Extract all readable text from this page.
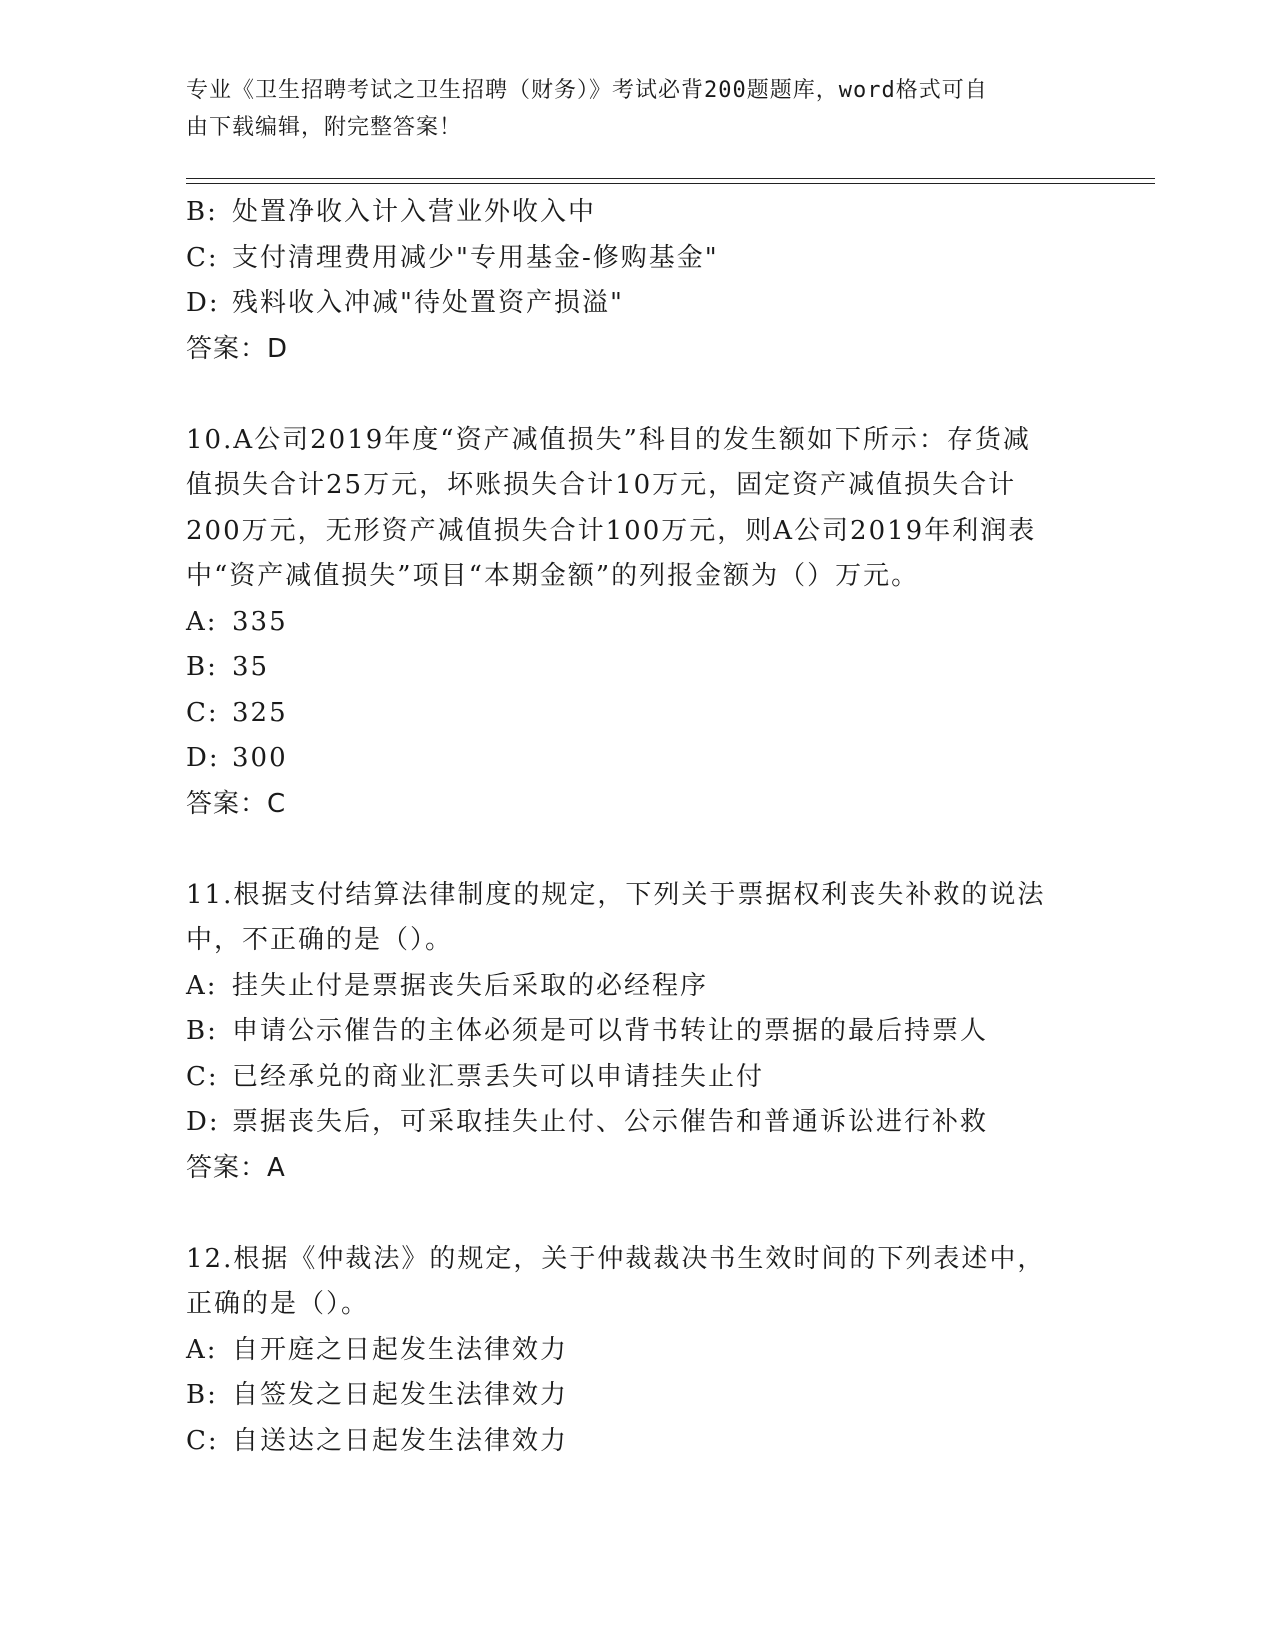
专业《卫生招聘考试之卫生招聘（财务）》考试必背200题题库，word格式可自
由下载编辑，附完整答案！
B: 处置净收入计入营业外收入中
C: 支付清理费用减少"专用基金-修购基金"
D: 残料收入冲减"待处置资产损溢"
答案：D
10.A公司2019年度“资产减值损失”科目的发生额如下所示：存货减
值损失合计25万元，坏账损失合计10万元，固定资产减值损失合计
200万元，无形资产减值损失合计100万元，则A公司2019年利润表
中“资产减值损失”项目“本期金额”的列报金额为（）万元。
A: 335
B: 35
C: 325
D: 300
答案：C
11.根据支付结算法律制度的规定，下列关于票据权利丧失补救的说法
中，不正确的是（）。
A: 挂失止付是票据丧失后采取的必经程序
B: 申请公示催告的主体必须是可以背书转让的票据的最后持票人
C: 已经承兑的商业汇票丢失可以申请挂失止付
D: 票据丧失后，可采取挂失止付、公示催告和普通诉讼进行补救
答案：A
12.根据《仲裁法》的规定，关于仲裁裁决书生效时间的下列表述中，
正确的是（）。
A: 自开庭之日起发生法律效力
B: 自签发之日起发生法律效力
C: 自送达之日起发生法律效力
